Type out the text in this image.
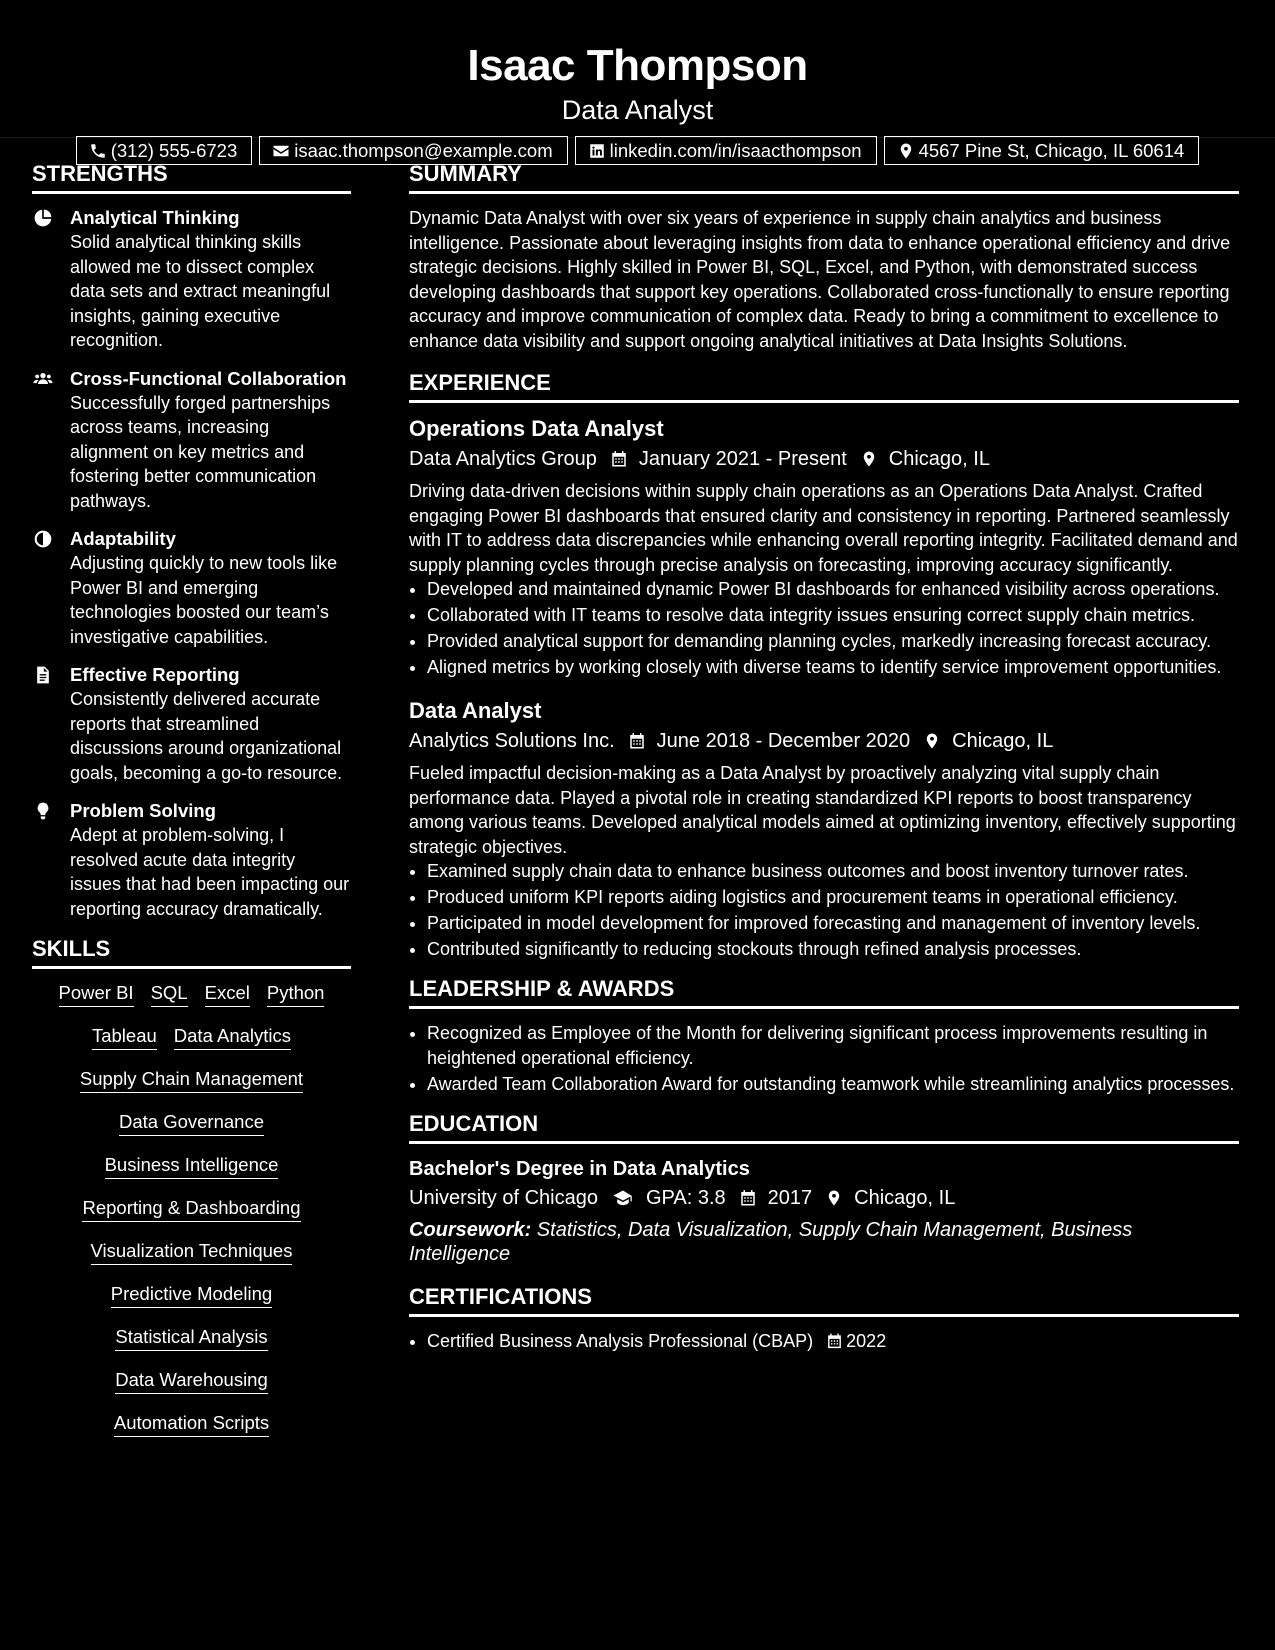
Isaac Thompson
Data Analyst
(312) 555-6723	isaac.thompson@example.com	linkedin.com/in/isaacthompson	4567 Pine St, Chicago, IL 60614
STRENGTHS
Analytical Thinking
Solid analytical thinking skills allowed me to dissect complex data sets and extract meaningful insights, gaining executive recognition.
Cross-Functional Collaboration
Successfully forged partnerships across teams, increasing alignment on key metrics and fostering better communication pathways.
Adaptability
Adjusting quickly to new tools like Power BI and emerging technologies boosted our team’s investigative capabilities.
Effective Reporting
Consistently delivered accurate reports that streamlined discussions around organizational goals, becoming a go-to resource.
Problem Solving
Adept at problem-solving, I resolved acute data integrity issues that had been impacting our reporting accuracy dramatically.
SKILLS
Power BI SQL Excel Python
Tableau Data Analytics
Supply Chain Management
Data Governance
Business Intelligence
Reporting & Dashboarding
Visualization Techniques
Predictive Modeling
Statistical Analysis
Data Warehousing
Automation Scripts
SUMMARY
Dynamic Data Analyst with over six years of experience in supply chain analytics and business intelligence. Passionate about leveraging insights from data to enhance operational efficiency and drive strategic decisions. Highly skilled in Power BI, SQL, Excel, and Python, with demonstrated success developing dashboards that support key operations. Collaborated cross-functionally to ensure reporting accuracy and improve communication of complex data. Ready to bring a commitment to excellence to enhance data visibility and support ongoing analytical initiatives at Data Insights Solutions.
EXPERIENCE
Operations Data Analyst
Data Analytics Group January 2021 - Present Chicago, IL
Driving data-driven decisions within supply chain operations as an Operations Data Analyst. Crafted engaging Power BI dashboards that ensured clarity and consistency in reporting. Partnered seamlessly with IT to address data discrepancies while enhancing overall reporting integrity. Facilitated demand and supply planning cycles through precise analysis on forecasting, improving accuracy significantly.
• Developed and maintained dynamic Power BI dashboards for enhanced visibility across operations.
• Collaborated with IT teams to resolve data integrity issues ensuring correct supply chain metrics.
• Provided analytical support for demanding planning cycles, markedly increasing forecast accuracy.
• Aligned metrics by working closely with diverse teams to identify service improvement opportunities.
Data Analyst
Analytics Solutions Inc. June 2018 - December 2020 Chicago, IL
Fueled impactful decision-making as a Data Analyst by proactively analyzing vital supply chain performance data. Played a pivotal role in creating standardized KPI reports to boost transparency among various teams. Developed analytical models aimed at optimizing inventory, effectively supporting strategic objectives.
• Examined supply chain data to enhance business outcomes and boost inventory turnover rates.
• Produced uniform KPI reports aiding logistics and procurement teams in operational efficiency.
• Participated in model development for improved forecasting and management of inventory levels.
• Contributed significantly to reducing stockouts through refined analysis processes.
LEADERSHIP & AWARDS
• Recognized as Employee of the Month for delivering significant process improvements resulting in heightened operational efficiency.
• Awarded Team Collaboration Award for outstanding teamwork while streamlining analytics processes.
EDUCATION
Bachelor's Degree in Data Analytics
University of Chicago GPA: 3.8 2017 Chicago, IL
Coursework: Statistics, Data Visualization, Supply Chain Management, Business Intelligence
CERTIFICATIONS
• Certified Business Analysis Professional (CBAP) 2022
